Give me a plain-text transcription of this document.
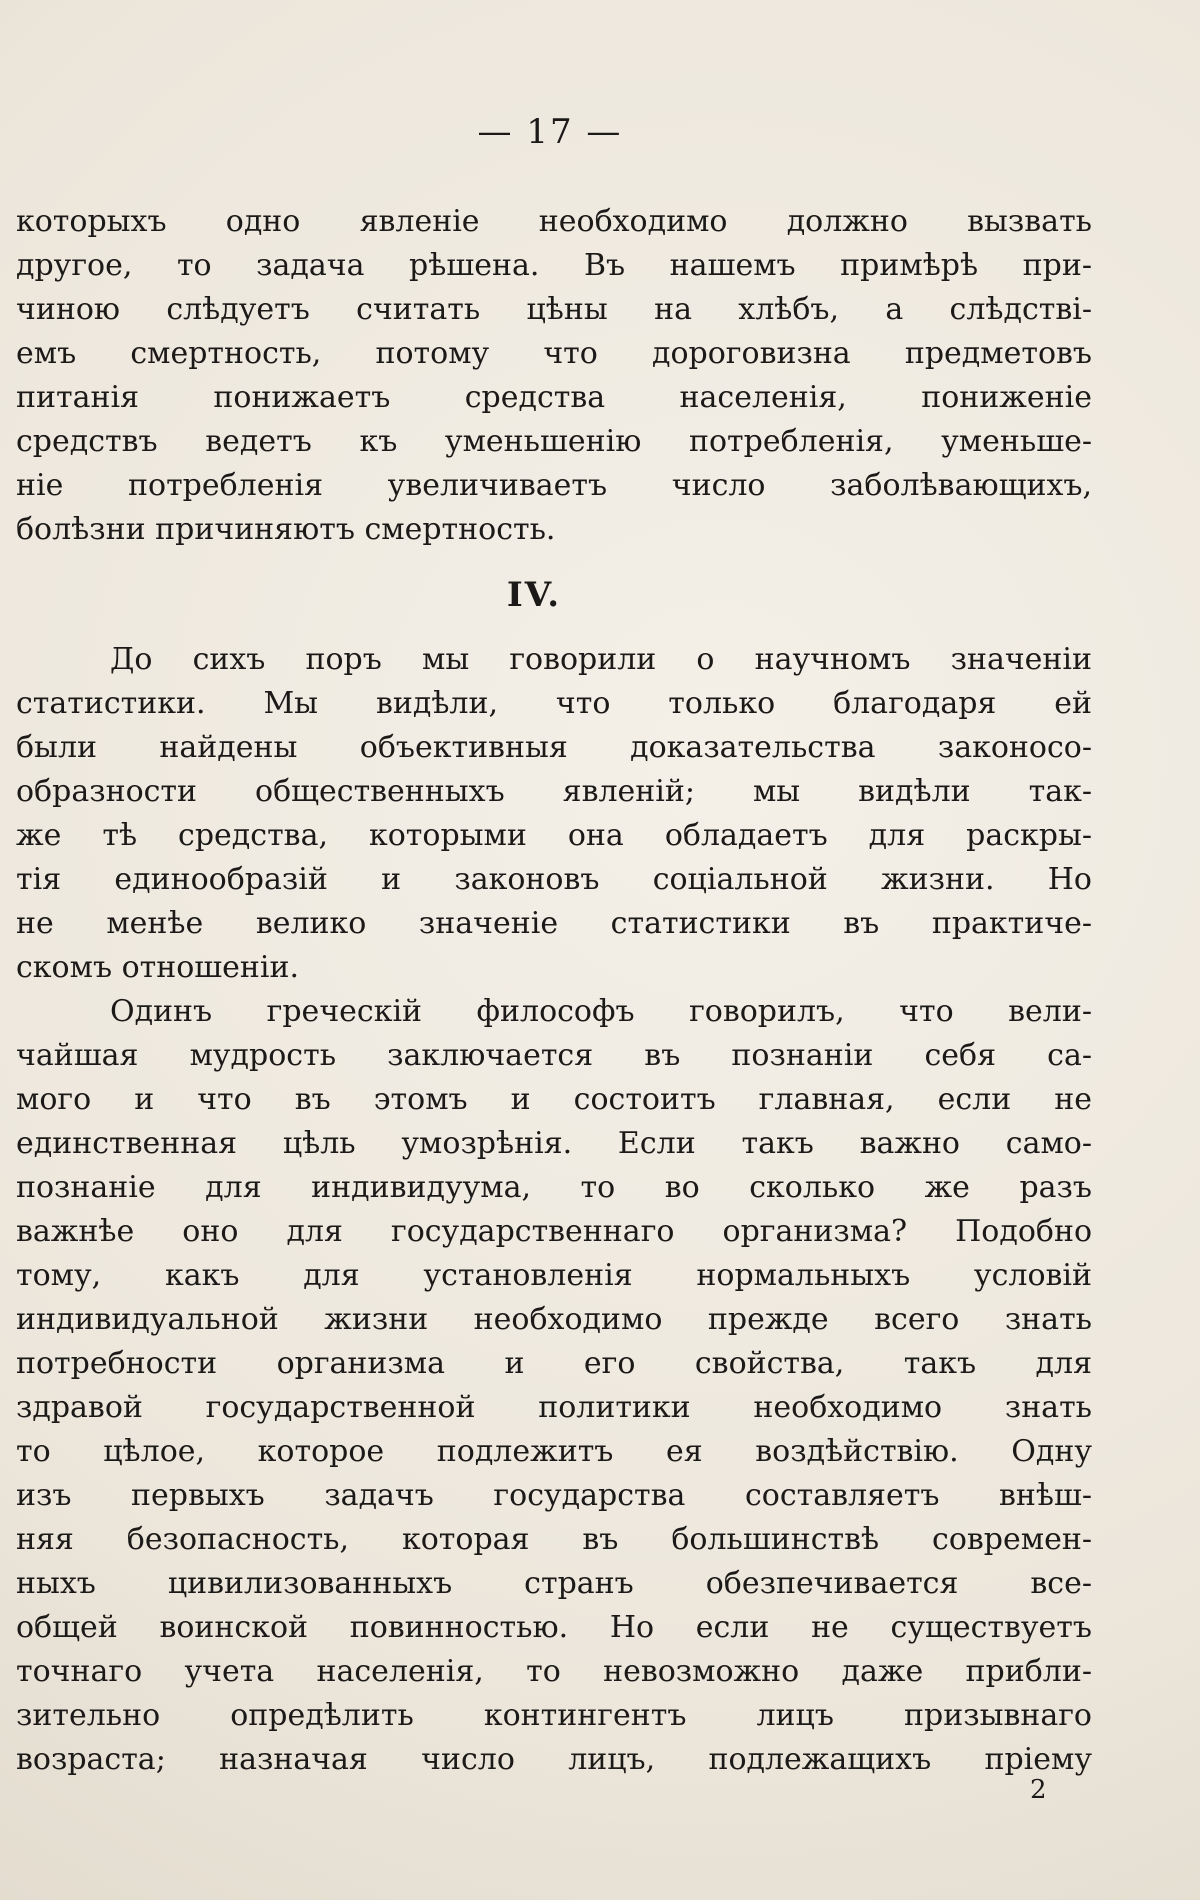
— 17 —
которыхъ одно явленіе необходимо должно вызвать
другое, то задача рѣшена. Въ нашемъ примѣрѣ при-
чиною слѣдуетъ считать цѣны на хлѣбъ, а слѣдствi-
емъ смертность, потому что дороговизна предметовъ
питанія понижаетъ средства населенія, пониженіе
средствъ ведетъ къ уменьшенію потребленія, уменьше-
ніе потребленія увеличиваетъ число заболѣвающихъ,
болѣзни причиняютъ смертность.
IV.
До сихъ поръ мы говорили о научномъ значеніи
статистики. Мы видѣли, что только благодаря ей
были найдены объективныя доказательства законосо-
образности общественныхъ явленій; мы видѣли так-
же тѣ средства, которыми она обладаетъ для раскры-
тія единообразій и законовъ соціальной жизни. Но
не менѣе велико значеніе статистики въ практиче-
скомъ отношеніи.
Одинъ греческій философъ говорилъ, что вели-
чайшая мудрость заключается въ познаніи себя са-
мого и что въ этомъ и состоитъ главная, если не
единственная цѣль умозрѣнія. Если такъ важно само-
познаніе для индивидуума, то во сколько же разъ
важнѣе оно для государственнаго организма? Подобно
тому, какъ для установленія нормальныхъ условій
индивидуальной жизни необходимо прежде всего знать
потребности организма и его свойства, такъ для
здравой государственной политики необходимо знать
то цѣлое, которое подлежитъ ея воздѣйствію. Одну
изъ первыхъ задачъ государства составляетъ внѣш-
няя безопасность, которая въ большинствѣ современ-
ныхъ цивилизованныхъ странъ обезпечивается все-
общей воинской повинностью. Но если не существуетъ
точнаго учета населенія, то невозможно даже прибли-
зительно опредѣлить контингентъ лицъ призывнаго
возраста; назначая число лицъ, подлежащихъ пріему
2
